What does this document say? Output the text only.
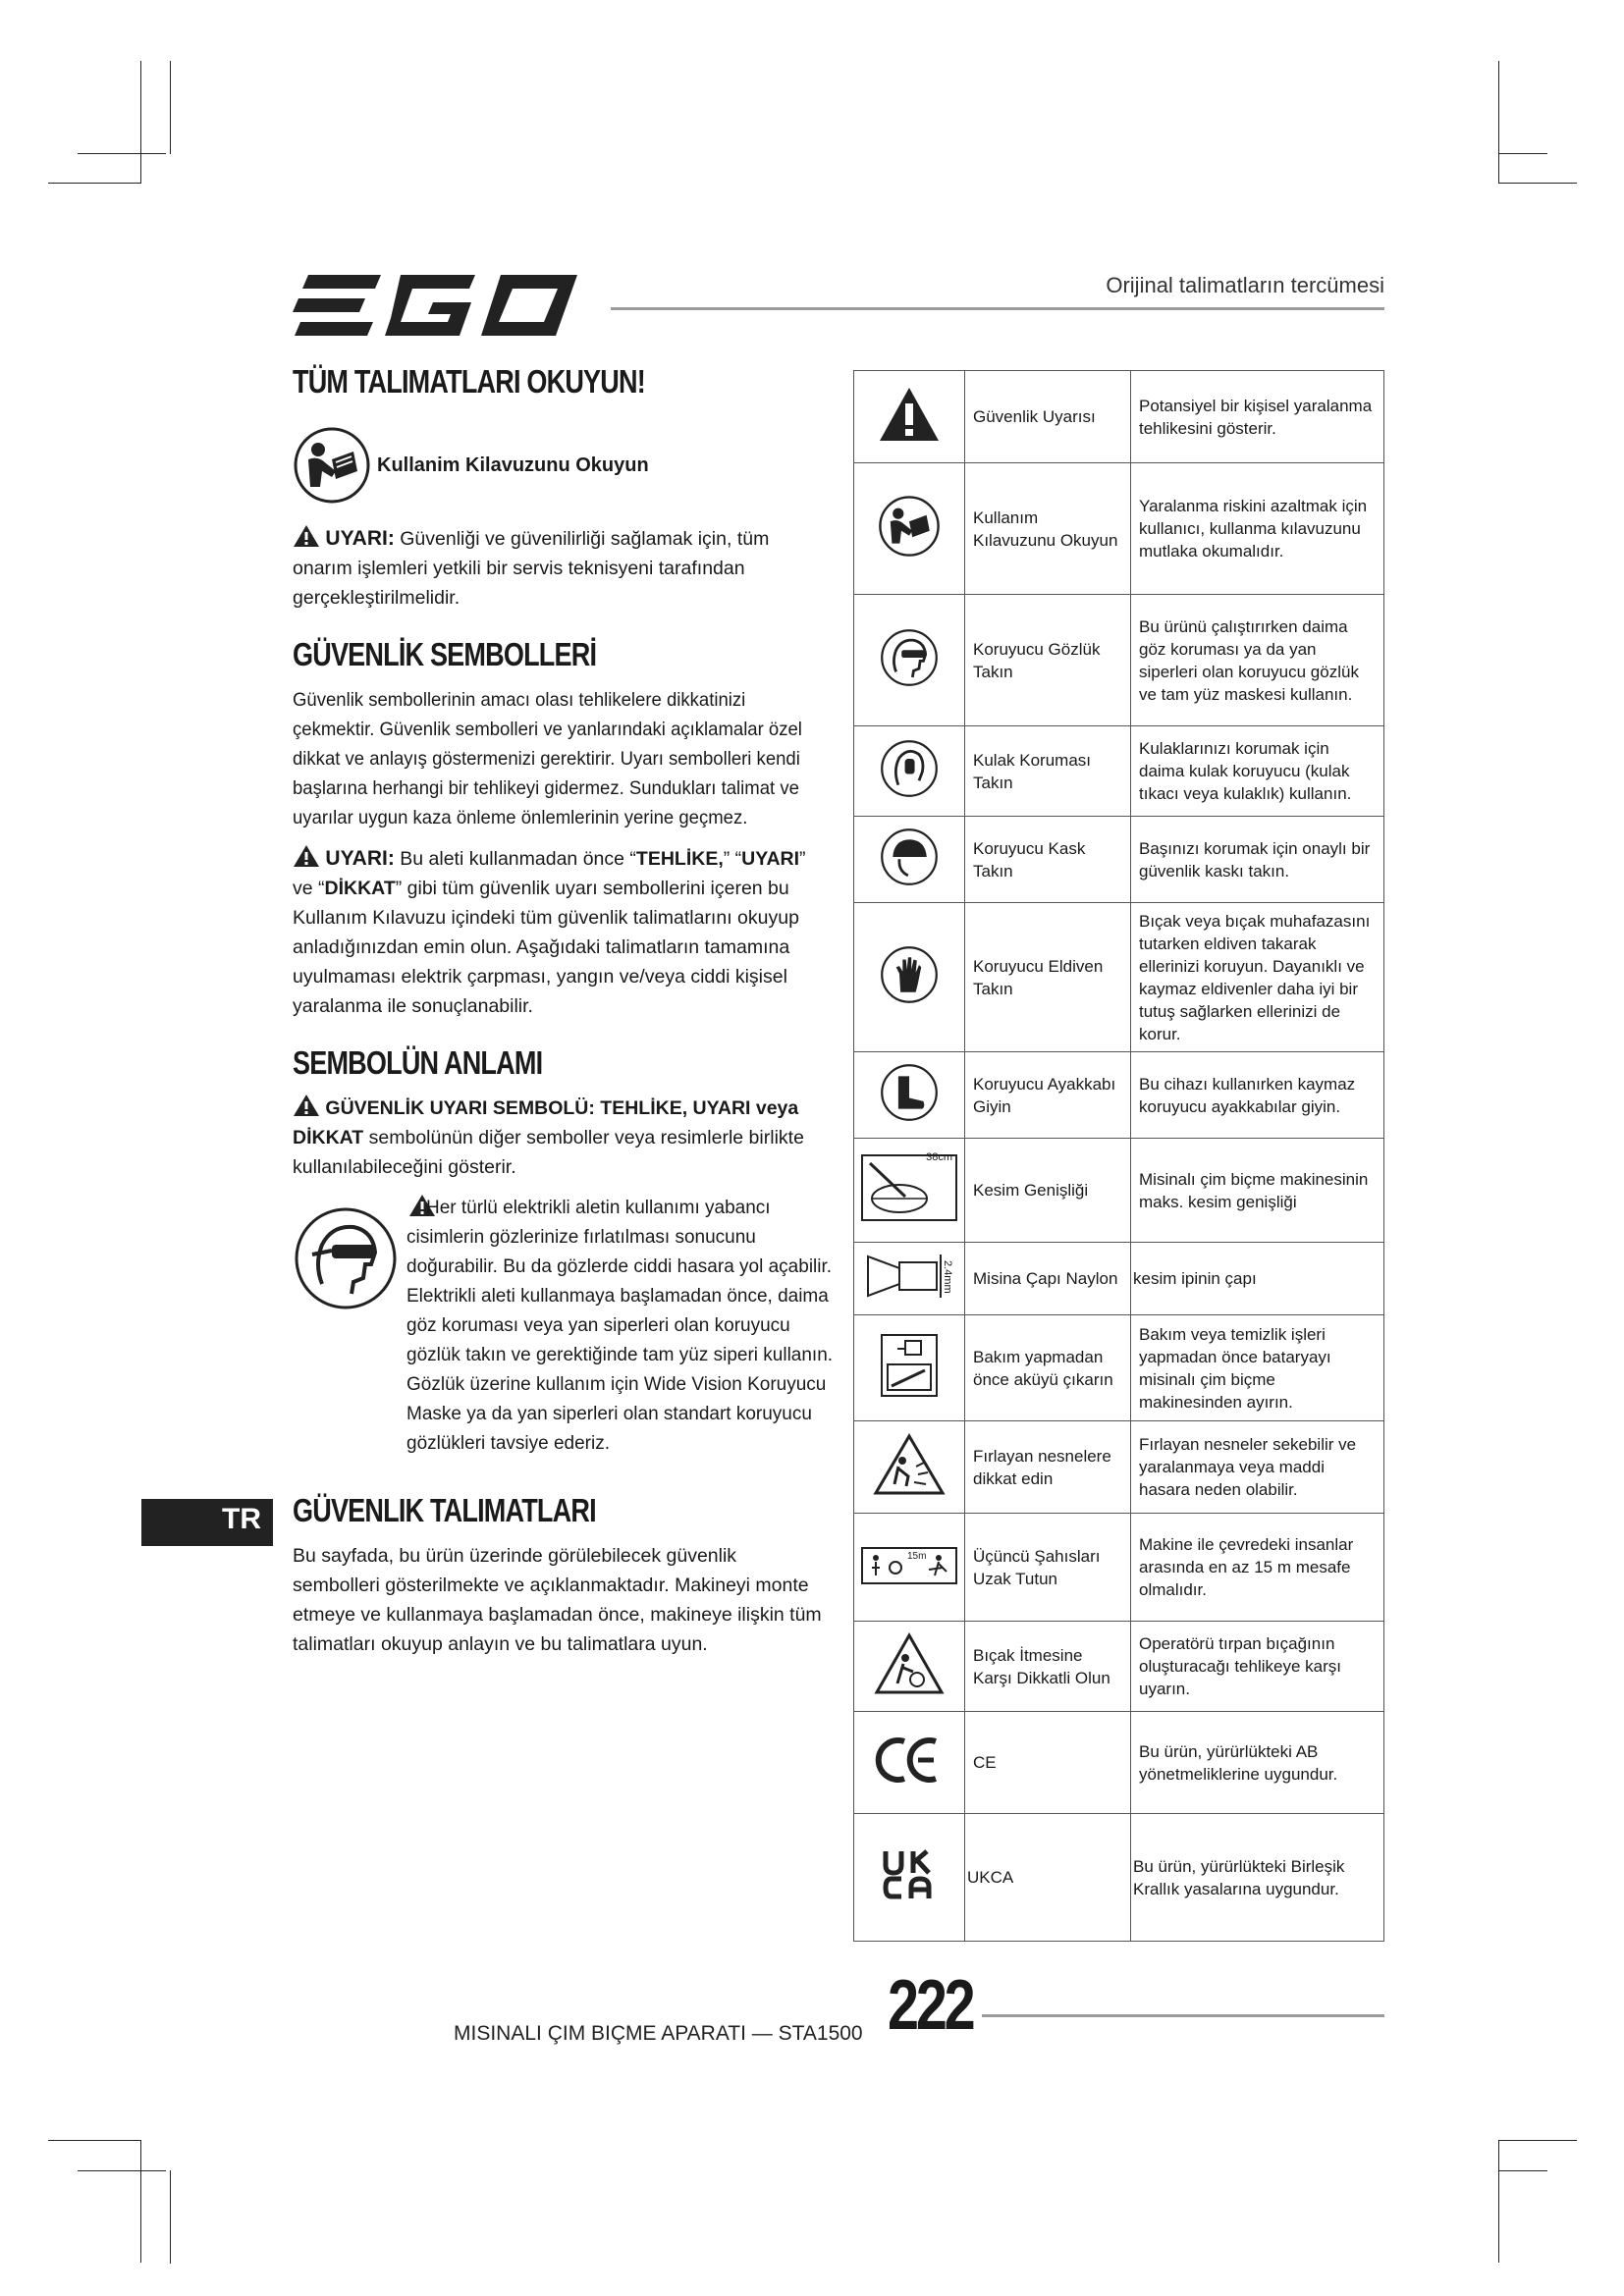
Orijinal talimatların tercümesi
TÜM TALIMATLARI OKUYUN!
Kullanim Kilavuzunu Okuyun

UYARI: Güvenliği ve güvenilirliği sağlamak için, tüm onarım işlemleri yetkili bir servis teknisyeni tarafından gerçekleştirilmelidir.

GÜVENLİK SEMBOLLERİ

Güvenlik sembollerinin amacı olası tehlikelere dikkatinizi çekmektir. Güvenlik sembolleri ve yanlarındaki açıklamalar özel dikkat ve anlayış göstermenizi gerektirir. Uyarı sembolleri kendi başlarına herhangi bir tehlikeyi gidermez. Sundukları talimat ve uyarılar uygun kaza önleme önlemlerinin yerine geçmez.

UYARI: Bu aleti kullanmadan önce “TEHLİKE,” “UYARI” ve “DİKKAT” gibi tüm güvenlik uyarı sembollerini içeren bu Kullanım Kılavuzu içindeki tüm güvenlik talimatlarını okuyup anladığınızdan emin olun. Aşağıdaki talimatların tamamına uyulmaması elektrik çarpması, yangın ve/veya ciddi kişisel yaralanma ile sonuçlanabilir.

SEMBOLÜN ANLAMI

GÜVENLİK UYARI SEMBOLÜ: TEHLİKE, UYARI veya DİKKAT sembolünün diğer semboller veya resimlerle birlikte kullanılabileceğini gösterir.

Her türlü elektrikli aletin kullanımı yabancı cisimlerin gözlerinize fırlatılması sonucunu doğurabilir. Bu da gözlerde ciddi hasara yol açabilir. Elektrikli aleti kullanmaya başlamadan önce, daima göz koruması veya yan siperleri olan koruyucu gözlük takın ve gerektiğinde tam yüz siperi kullanın. Gözlük üzerine kullanım için Wide Vision Koruyucu Maske ya da yan siperleri olan standart koruyucu gözlükleri tavsiye ederiz.

GÜVENLIK TALIMATLARI

Bu sayfada, bu ürün üzerinde görülebilecek güvenlik sembolleri gösterilmekte ve açıklanmaktadır. Makineyi monte etmeye ve kullanmaya başlamadan önce, makineye ilişkin tüm talimatları okuyup anlayın ve bu talimatlara uyun.

TR
	Güvenlik Uyarısı	Potansiyel bir kişisel yaralanma tehlikesini gösterir.
	Kullanım Kılavuzunu Okuyun	Yaralanma riskini azaltmak için kullanıcı, kullanma kılavuzunu mutlaka okumalıdır.
	Koruyucu Gözlük Takın	Bu ürünü çalıştırırken daima göz koruması ya da yan siperleri olan koruyucu gözlük ve tam yüz maskesi kullanın.
	Kulak Koruması Takın	Kulaklarınızı korumak için daima kulak koruyucu (kulak tıkacı veya kulaklık) kullanın.
	Koruyucu Kask Takın	Başınızı korumak için onaylı bir güvenlik kaskı takın.
	Koruyucu Eldiven Takın	Bıçak veya bıçak muhafazasını tutarken eldiven takarak ellerinizi koruyun. Dayanıklı ve kaymaz eldivenler daha iyi bir tutuş sağlarken ellerinizi de korur.
	Koruyucu Ayakkabı Giyin	Bu cihazı kullanırken kaymaz koruyucu ayakkabılar giyin.

38cm	Kesim Genişliği	Misinalı çim biçme makinesinin maks. kesim genişliği

2.4mm	Misina Çapı Naylon	kesim ipinin çapı
	Bakım yapmadan önce aküyü çıkarın	Bakım veya temizlik işleri yapmadan önce bataryayı misinalı çim biçme makinesinden ayırın.
	Fırlayan nesnelere dikkat edin	Fırlayan nesneler sekebilir ve yaralanmaya veya maddi hasara neden olabilir.

15m	Üçüncü Şahısları Uzak Tutun	Makine ile çevredeki insanlar arasında en az 15 m mesafe olmalıdır.
	Bıçak İtmesine Karşı Dikkatli Olun	Operatörü tırpan bıçağının oluşturacağı tehlikeye karşı uyarın.
	CE	Bu ürün, yürürlükteki AB yönetmeliklerine uygundur.
	UKCA	Bu ürün, yürürlükteki Birleşik Krallık yasalarına uygundur.
MISINALI ÇIM BIÇME APARATI — STA1500 222
